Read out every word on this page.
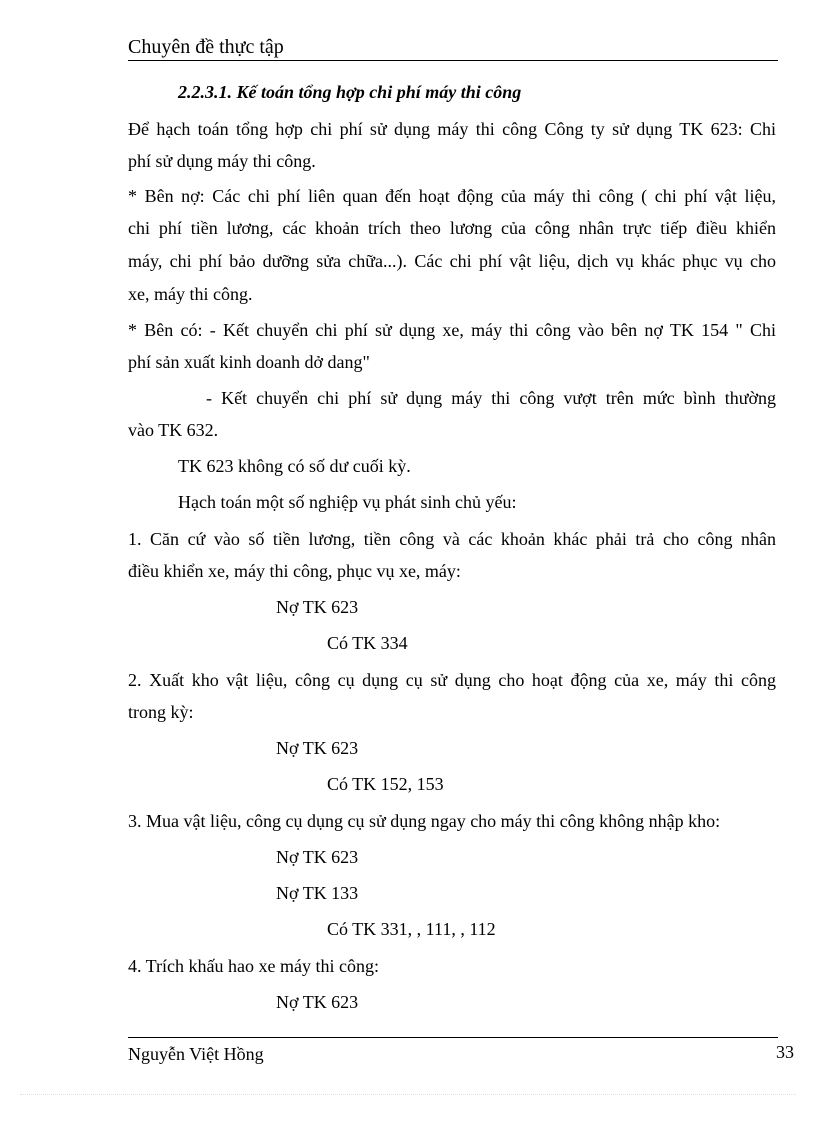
Chuyên đề thực tập
2.2.3.1. Kế toán tổng hợp chi phí máy thi công
Để hạch toán tổng hợp chi phí sử dụng máy thi công Công ty sử dụng TK 623: Chi
phí sử dụng máy thi công.
* Bên nợ: Các chi phí liên quan đến hoạt động của máy thi công ( chi phí vật liệu,
chi phí tiền lương, các khoản trích theo lương của công nhân trực tiếp điều khiển
máy, chi phí bảo dưỡng sửa chữa...). Các chi phí vật liệu, dịch vụ khác phục vụ cho
xe, máy thi công.
* Bên có: - Kết chuyển chi phí sử dụng xe, máy thi công vào bên nợ TK 154 " Chi
phí sản xuất kinh doanh dở dang"
- Kết chuyển chi phí sử dụng máy thi công vượt trên mức bình thường
vào TK 632.
TK 623 không có số dư cuối kỳ.
Hạch toán một số nghiệp vụ phát sinh chủ yếu:
1. Căn cứ vào số tiền lương, tiền công và các khoản khác phải trả cho công nhân
điều khiển xe, máy thi công, phục vụ xe, máy:
Nợ TK 623
Có TK 334
2. Xuất kho vật liệu, công cụ dụng cụ sử dụng cho hoạt động của xe, máy thi công
trong kỳ:
Nợ TK 623
Có TK 152, 153
3. Mua vật liệu, công cụ dụng cụ sử dụng ngay cho máy thi công không nhập kho:
Nợ TK 623
Nợ TK 133
Có TK 331, , 111, , 112
4. Trích khấu hao xe máy thi công:
Nợ TK 623
Nguyễn Việt Hồng	33
